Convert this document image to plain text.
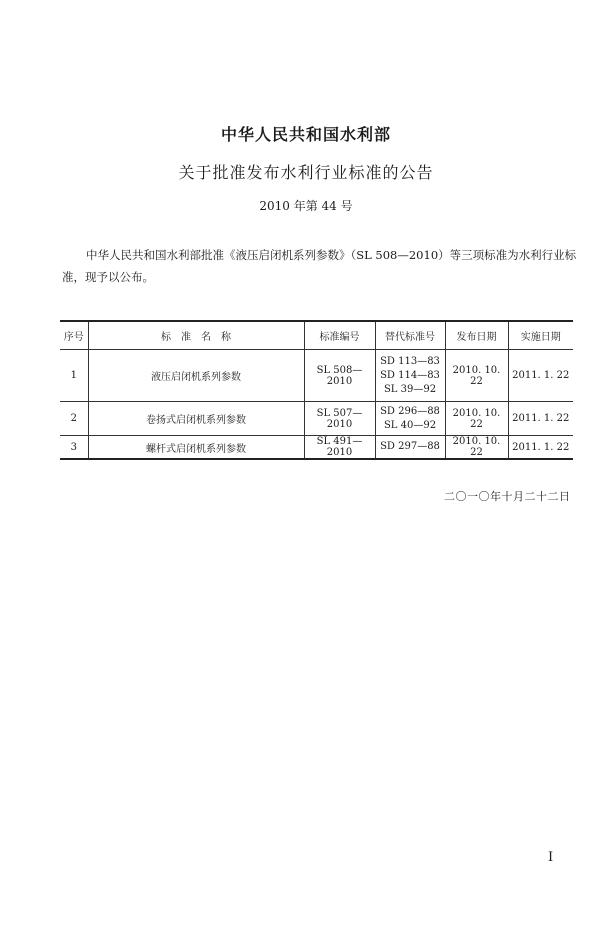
中华人民共和国水利部
关于批准发布水利行业标准的公告
2010 年第 44 号

中华人民共和国水利部批准《液压启闭机系列参数》（SL 508—2010）等三项标准为水利行业标准，现予以公布。

序号	标　准　名　称	标准编号	替代标准号	发布日期	实施日期
1	液压启闭机系列参数	SL 508—2010	SD 113—83
SD 114—83
SL 39—92	2010. 10. 22	2011. 1. 22
2	卷扬式启闭机系列参数	SL 507—2010	SD 296—88
SL 40—92	2010. 10. 22	2011. 1. 22
3	螺杆式启闭机系列参数	SL 491—2010	SD 297—88	2010. 10. 22	2011. 1. 22
二〇一〇年十月二十二日
I
